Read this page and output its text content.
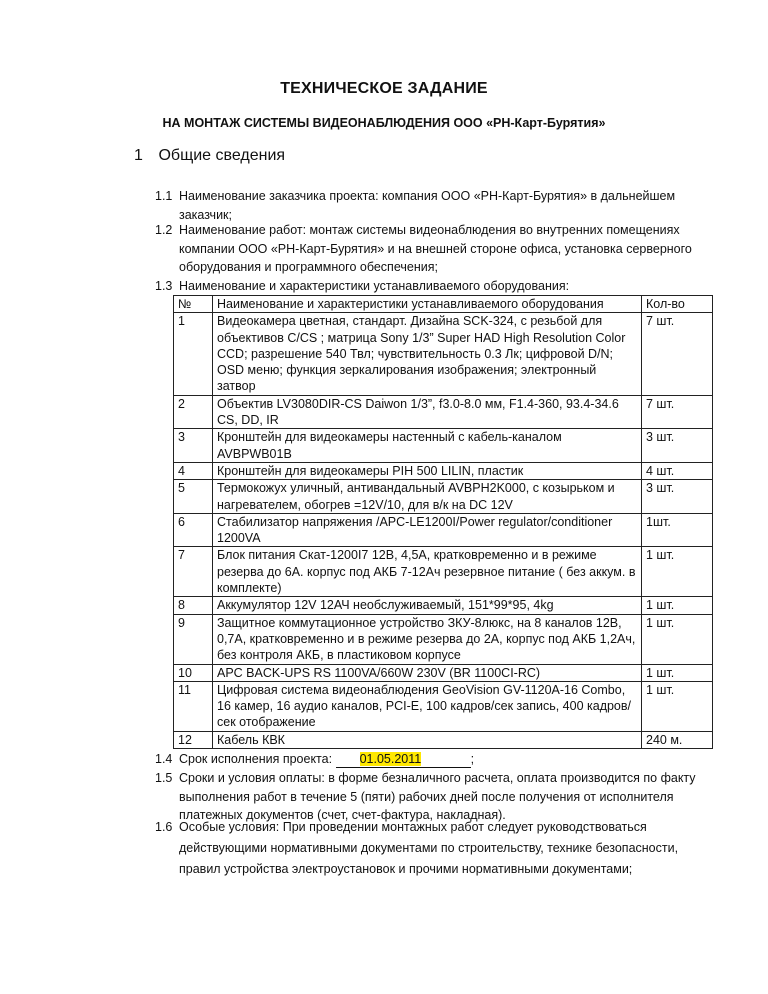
ТЕХНИЧЕСКОЕ ЗАДАНИЕ
НА МОНТАЖ СИСТЕМЫ ВИДЕОНАБЛЮДЕНИЯ ООО «РН-Карт-Бурятия»
1 Общие сведения
1.1 Наименование заказчика проекта: компания ООО «РН-Карт-Бурятия» в дальнейшем заказчик;
1.2 Наименование работ: монтаж системы видеонаблюдения во внутренних помещениях компании ООО «РН-Карт-Бурятия» и на внешней стороне офиса, установка серверного оборудования и программного обеспечения;
1.3 Наименование и характеристики устанавливаемого оборудования:
№	Наименование и характеристики устанавливаемого оборудования	Кол-во
1	Видеокамера цветная, стандарт. Дизайна SCK-324, с резьбой для объективов C/CS ; матрица Sony 1/3” Super HAD High Resolution Color CCD; разрешение 540 Твл; чувствительность 0.3 Лк; цифровой D/N; OSD меню; функция зеркалирования изображения; электронный затвор	7 шт.
2	Объектив LV3080DIR-CS Daiwon 1/3”, f3.0-8.0 мм, F1.4-360, 93.4-34.6 CS, DD, IR	7 шт.
3	Кронштейн для видеокамеры настенный с кабель-каналом AVBPWB01B	3 шт.
4	Кронштейн для видеокамеры PIH 500 LILIN, пластик	4 шт.
5	Термокожух уличный, антивандальный AVBPH2K000, с козырьком и нагревателем, обогрев =12V/10, для в/к на DC 12V	3 шт.
6	Стабилизатор напряжения /APC-LE1200I/Power regulator/conditioner 1200VA	1шт.
7	Блок питания Скат-1200I7 12В, 4,5А, кратковременно и в режиме резерва до 6А. корпус под АКБ 7-12Ач резервное питание ( без аккум. в комплекте)	1 шт.
8	Аккумулятор 12V 12АЧ необслуживаемый, 151*99*95, 4kg	1 шт.
9	Защитное коммутационное устройство ЗКУ-8люкс, на 8 каналов 12В, 0,7А, кратковременно и в режиме резерва до 2А, корпус под АКБ 1,2Ач, без контроля АКБ, в пластиковом корпусе	1 шт.
10	APC BACK-UPS RS 1100VA/660W 230V (BR 1100CI-RC)	1 шт.
11	Цифровая система видеонаблюдения GeoVision GV-1120A-16 Combo, 16 камер, 16 аудио каналов, PCI-E, 100 кадров/сек запись, 400 кадров/сек отображение	1 шт.
12	Кабель КВК	240 м.
1.4 Срок исполнения проекта: 01.05.2011	;
1.5 Сроки и условия оплаты: в форме безналичного расчета, оплата производится по факту выполнения работ в течение 5 (пяти) рабочих дней после получения от исполнителя платежных документов (счет, счет-фактура, накладная).
1.6 Особые условия: При проведении монтажных работ следует руководствоваться действующими нормативными документами по строительству, технике безопасности, правил устройства электроустановок и прочими нормативными документами;
